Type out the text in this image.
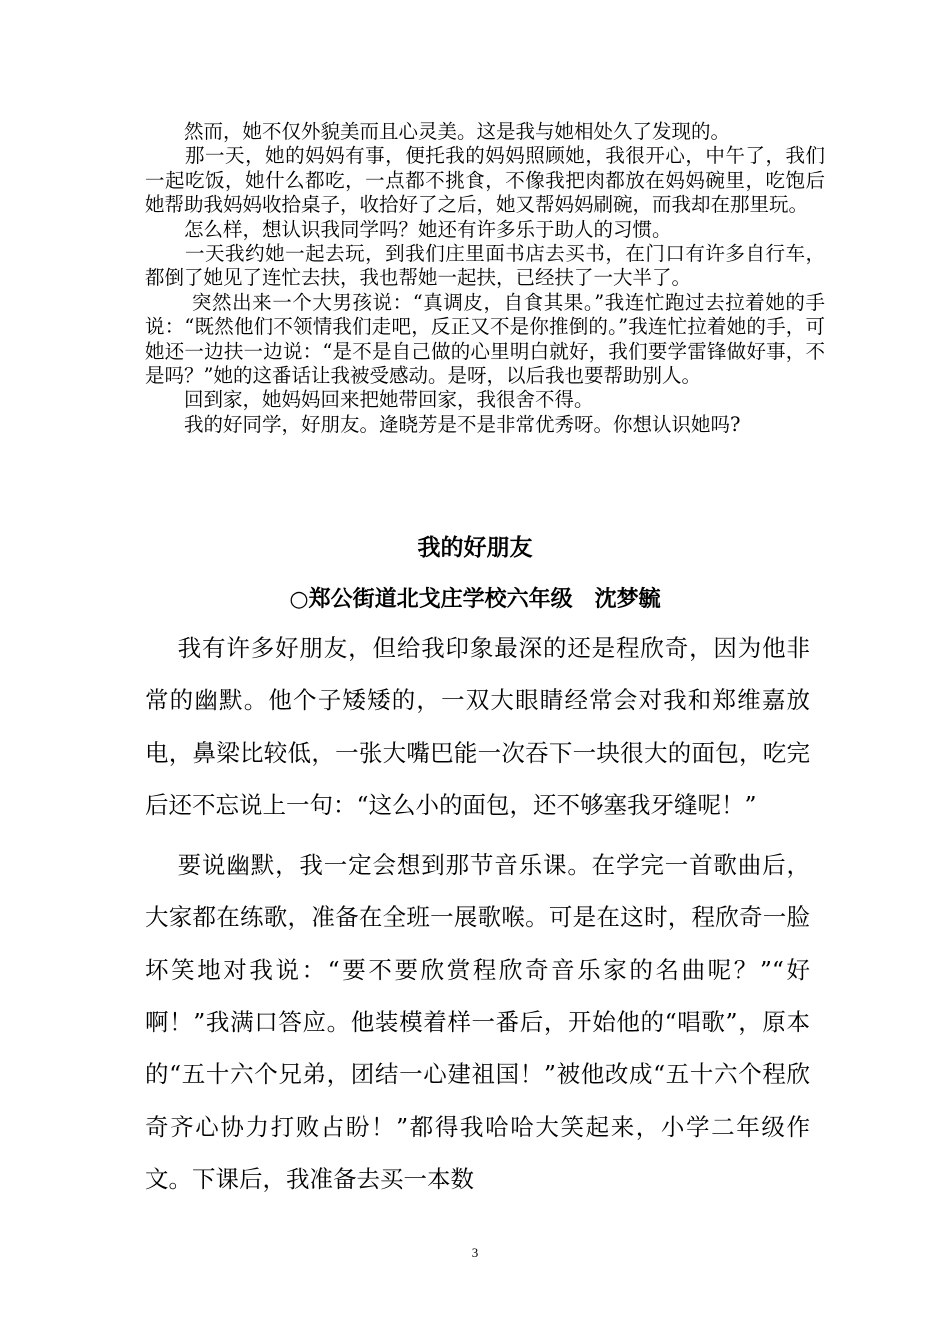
　　然而，她不仅外貌美而且心灵美。这是我与她相处久了发现的。

　　那一天，她的妈妈有事，便托我的妈妈照顾她，我很开心，中午了，我们一起吃饭，她什么都吃，一点都不挑食，不像我把肉都放在妈妈碗里，吃饱后她帮助我妈妈收拾桌子，收拾好了之后，她又帮妈妈刷碗，而我却在那里玩。

　　怎么样，想认识我同学吗？她还有许多乐于助人的习惯。

　　一天我约她一起去玩，到我们庄里面书店去买书，在门口有许多自行车，都倒了她见了连忙去扶，我也帮她一起扶，已经扶了一大半了。

　　 突然出来一个大男孩说：“真调皮，自食其果。”我连忙跑过去拉着她的手说：“既然他们不领情我们走吧，反正又不是你推倒的。”我连忙拉着她的手，可她还一边扶一边说：“是不是自己做的心里明白就好，我们要学雷锋做好事，不是吗？”她的这番话让我被受感动。是呀，以后我也要帮助别人。

　　回到家，她妈妈回来把她带回家，我很舍不得。

　　我的好同学，好朋友。逄晓芳是不是非常优秀呀。你想认识她吗?

我的好朋友
○郑公街道北戈庄学校六年级　沈梦毓

　 我有许多好朋友，但给我印象最深的还是程欣奇，因为他非常的幽默。他个子矮矮的，一双大眼睛经常会对我和郑维嘉放电，鼻梁比较低，一张大嘴巴能一次吞下一块很大的面包，吃完后还不忘说上一句：“这么小的面包，还不够塞我牙缝呢！”

　 要说幽默，我一定会想到那节音乐课。在学完一首歌曲后，大家都在练歌，准备在全班一展歌喉。可是在这时，程欣奇一脸坏笑地对我说：“要不要欣赏程欣奇音乐家的名曲呢？”“好啊！”我满口答应。他装模着样一番后，开始他的“唱歌”，原本的“五十六个兄弟，团结一心建祖国！”被他改成“五十六个程欣奇齐心协力打败占盼！”都得我哈哈大笑起来，小学二年级作文。下课后，我准备去买一本数

3
